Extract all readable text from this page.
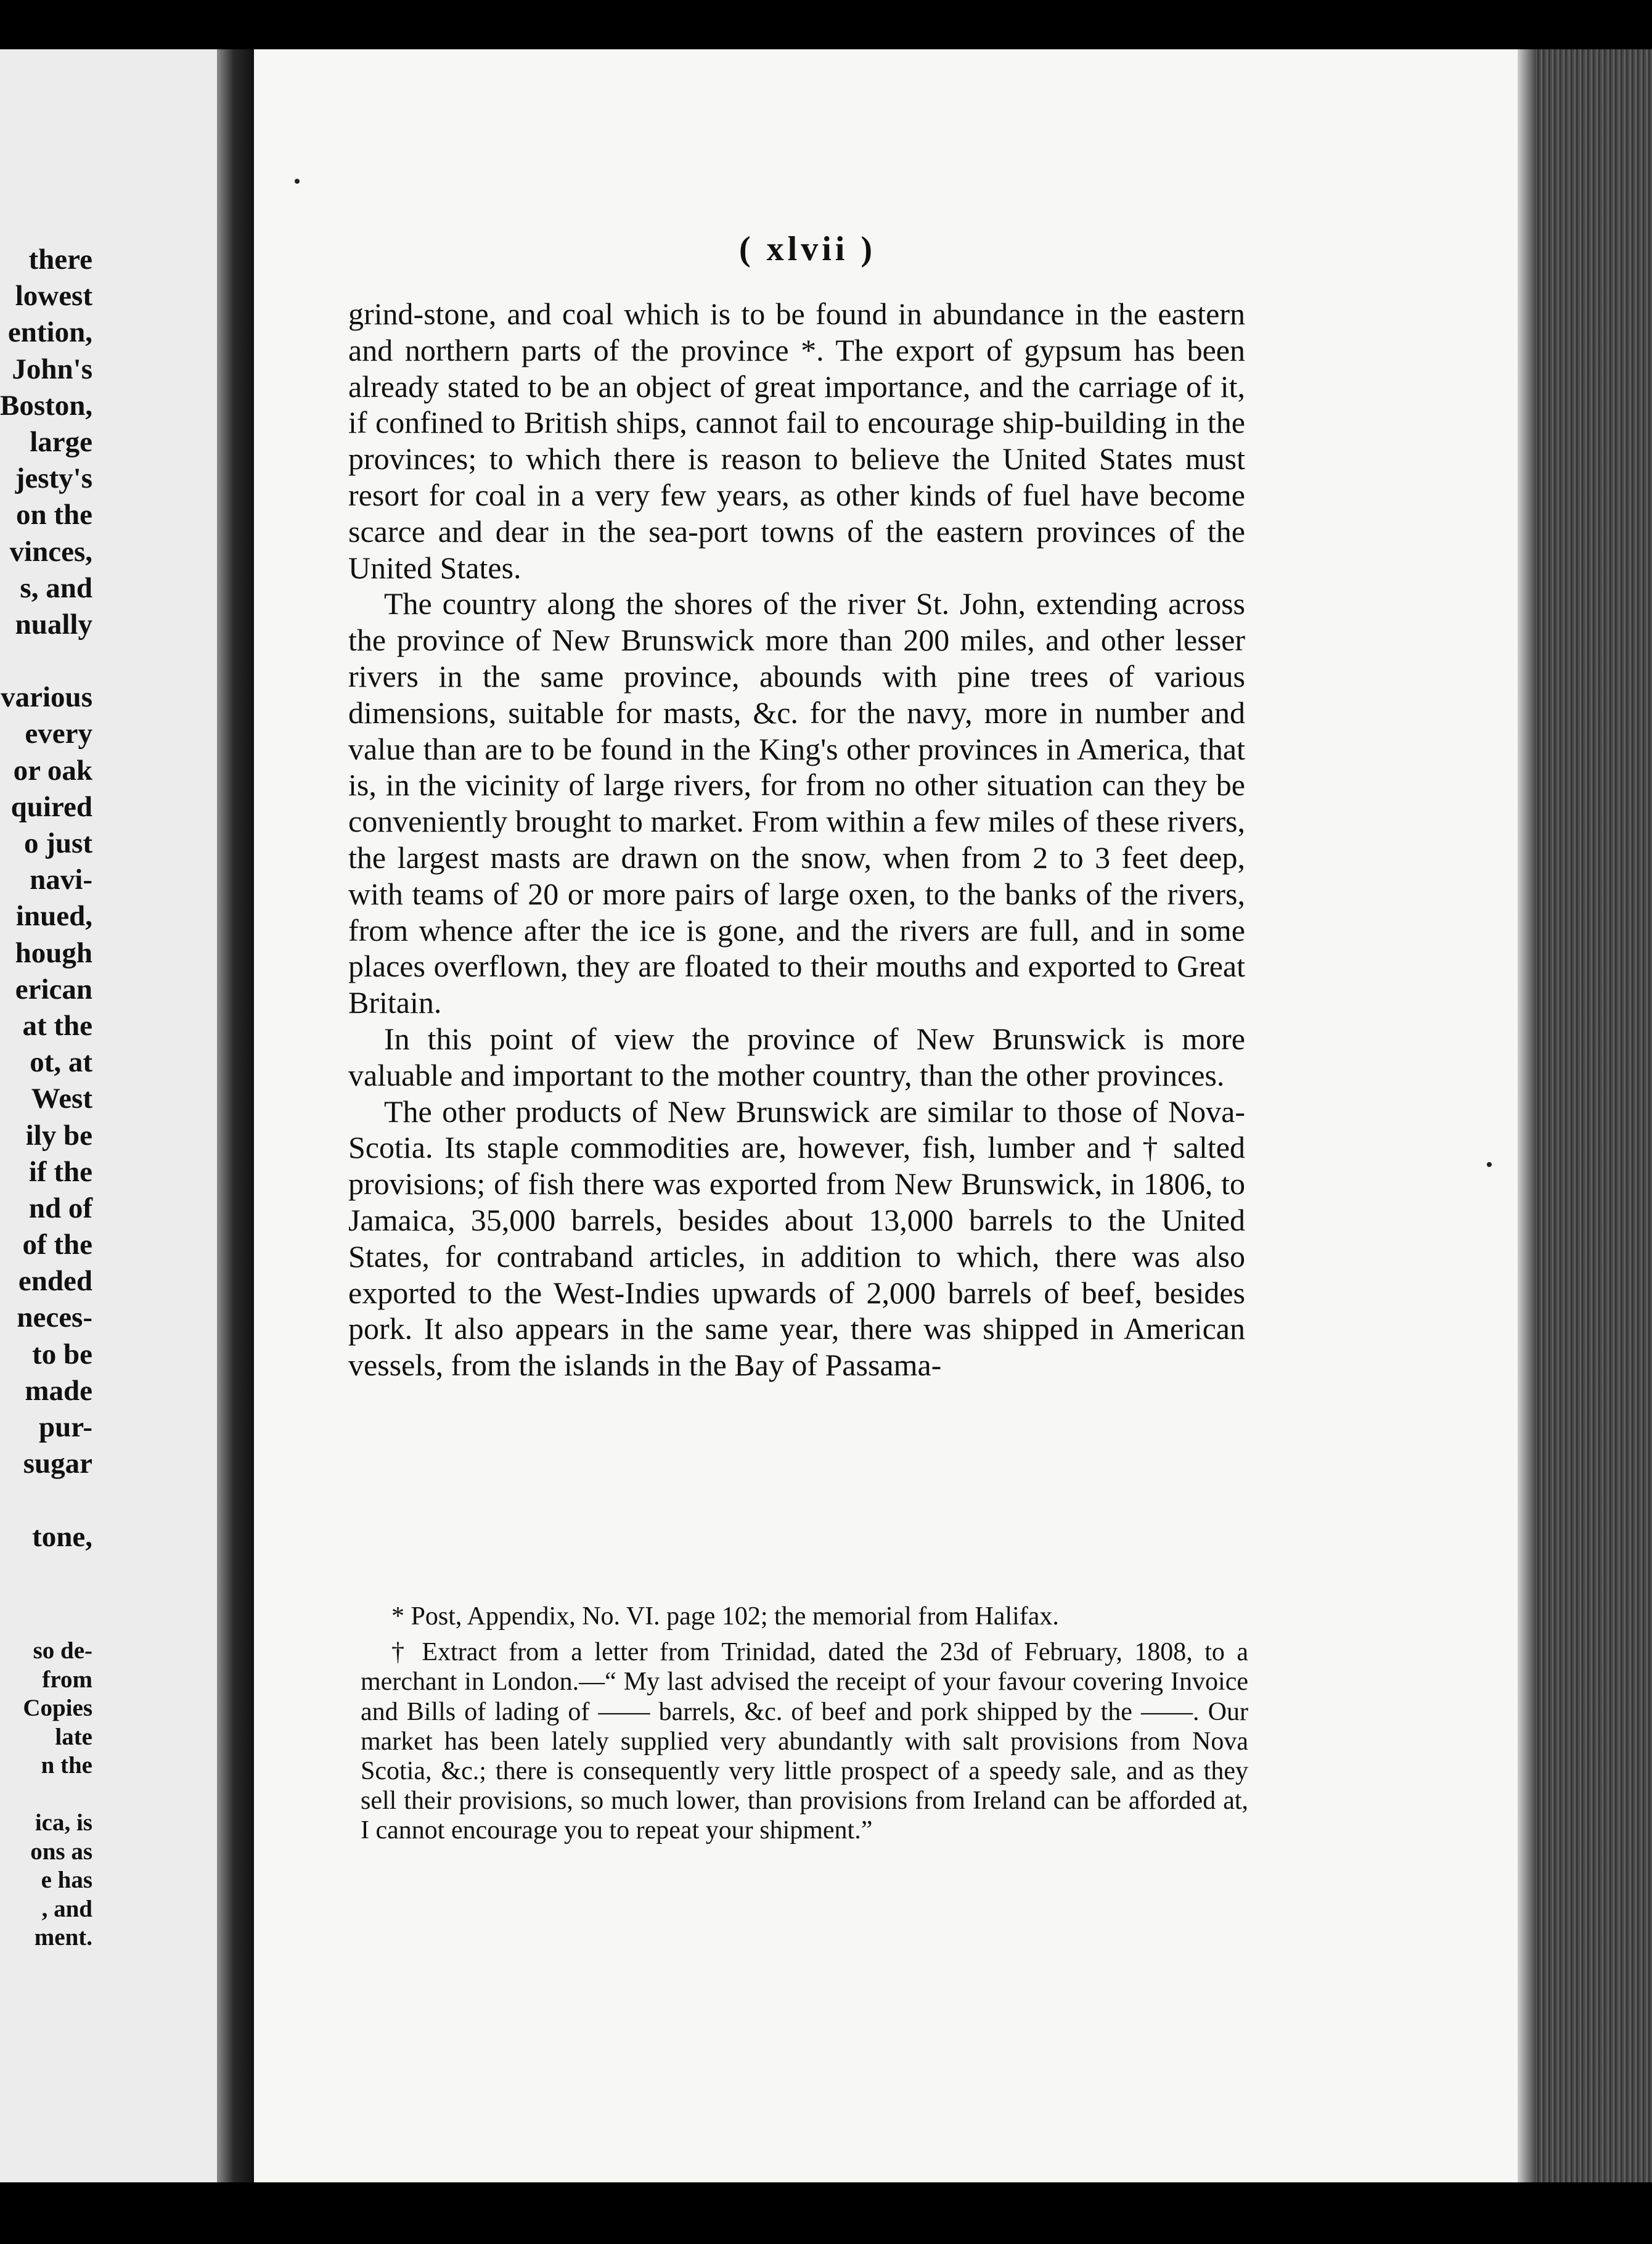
there
lowest
ention,
John's
Boston,
large
jesty's
on the
vinces,
s, and
nually
various
every
or oak
quired
o just
navi-
inued,
hough
erican
at the
ot, at
West
ily be
if the
nd of
of the
ended
neces-
to be
made
pur-
sugar
tone,
so de-
from
Copies
late
n the
ica, is
ons as
e has
, and
ment.
( xlvii )

grind-stone, and coal which is to be found in abundance in the eastern and northern parts of the province *. The export of gypsum has been already stated to be an object of great importance, and the carriage of it, if confined to British ships, cannot fail to encourage ship-building in the provinces; to which there is reason to believe the United States must resort for coal in a very few years, as other kinds of fuel have become scarce and dear in the sea-port towns of the eastern provinces of the United States.

The country along the shores of the river St. John, extending across the province of New Brunswick more than 200 miles, and other lesser rivers in the same province, abounds with pine trees of various dimensions, suitable for masts, &c. for the navy, more in number and value than are to be found in the King's other provinces in America, that is, in the vicinity of large rivers, for from no other situation can they be conveniently brought to market. From within a few miles of these rivers, the largest masts are drawn on the snow, when from 2 to 3 feet deep, with teams of 20 or more pairs of large oxen, to the banks of the rivers, from whence after the ice is gone, and the rivers are full, and in some places overflown, they are floated to their mouths and exported to Great Britain.

In this point of view the province of New Brunswick is more valuable and important to the mother country, than the other provinces.

The other products of New Brunswick are similar to those of Nova-Scotia. Its staple commodities are, however, fish, lumber and † salted provisions; of fish there was exported from New Brunswick, in 1806, to Jamaica, 35,000 barrels, besides about 13,000 barrels to the United States, for contraband articles, in addition to which, there was also exported to the West-Indies upwards of 2,000 barrels of beef, besides pork. It also appears in the same year, there was shipped in American vessels, from the islands in the Bay of Passama-

* Post, Appendix, No. VI. page 102; the memorial from Halifax.

† Extract from a letter from Trinidad, dated the 23d of February, 1808, to a merchant in London.—“ My last advised the receipt of your favour covering Invoice and Bills of lading of —— barrels, &c. of beef and pork shipped by the ——. Our market has been lately supplied very abundantly with salt provisions from Nova Scotia, &c.; there is consequently very little prospect of a speedy sale, and as they sell their provisions, so much lower, than provisions from Ireland can be afforded at, I cannot encourage you to repeat your shipment.”
